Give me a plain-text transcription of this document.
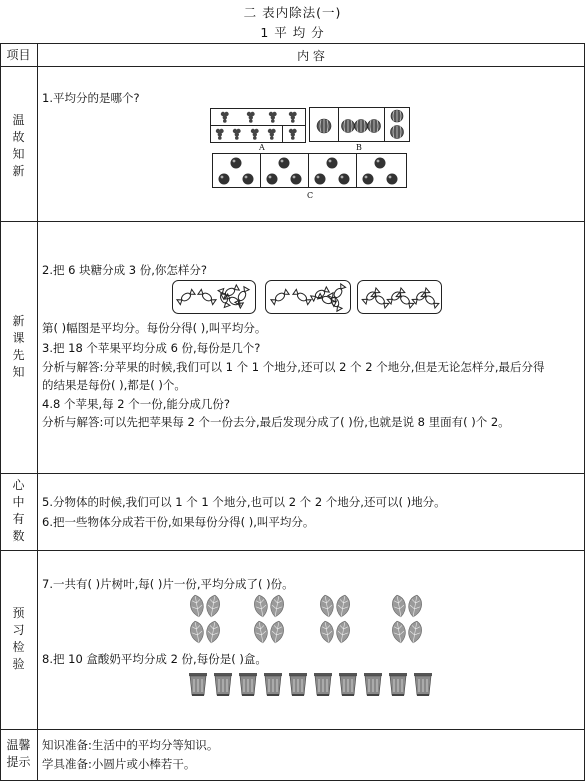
二 表内除法(一)
1 平 均 分
项目	内 容
温
故
知
新
新
课
先
知
心
中
有
数
预
习
检
验
温馨
提示
1.平均分的是哪个?
A	B
C
2.把 6 块糖分成 3 份,你怎样分?
第( )幅图是平均分。每份分得( ),叫平均分。
3.把 18 个苹果平均分成 6 份,每份是几个?
分析与解答:分苹果的时候,我们可以 1 个 1 个地分,还可以 2 个 2 个地分,但是无论怎样分,最后分得
的结果是每份( ),都是( )个。
4.8 个苹果,每 2 个一份,能分成几份?
分析与解答:可以先把苹果每 2 个一份去分,最后发现分成了( )份,也就是说 8 里面有( )个 2。
5.分物体的时候,我们可以 1 个 1 个地分,也可以 2 个 2 个地分,还可以( )地分。
6.把一些物体分成若干份,如果每份分得( ),叫平均分。
7.一共有( )片树叶,每( )片一份,平均分成了( )份。
8.把 10 盒酸奶平均分成 2 份,每份是( )盒。
知识准备:生活中的平均分等知识。
学具准备:小圆片或小棒若干。
